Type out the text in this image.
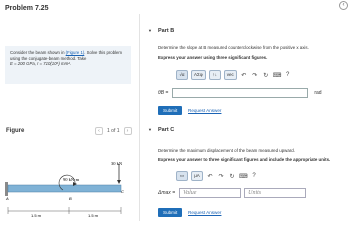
Problem 7.25	‹
Consider the beam shown in (Figure 1). Solve this problem using the conjugate-beam method. Take
E = 200 GPa, I = 710(10⁶) mm⁴.
Figure	‹	1 of 1	›
30 kN
90 kN·m
A	B
C
1.5 m	1.5 m
▼ Part B
Determine the slope at B measured counterclockwise from the positive x axis.
Express your answer using three significant figures.
√α	ΑΣφ	↑↓	vec	↶ ↷ ↻ ⌨ ?
θB =	rad
Submit	Request Answer
▼ Part C
Determine the maximum displacement of the beam measured upward.
Express your answer to three significant figures and include the appropriate units.
▭	μA	↶ ↷ ↻ ⌨ ?
Δmax =	Value	Units
Submit	Request Answer
